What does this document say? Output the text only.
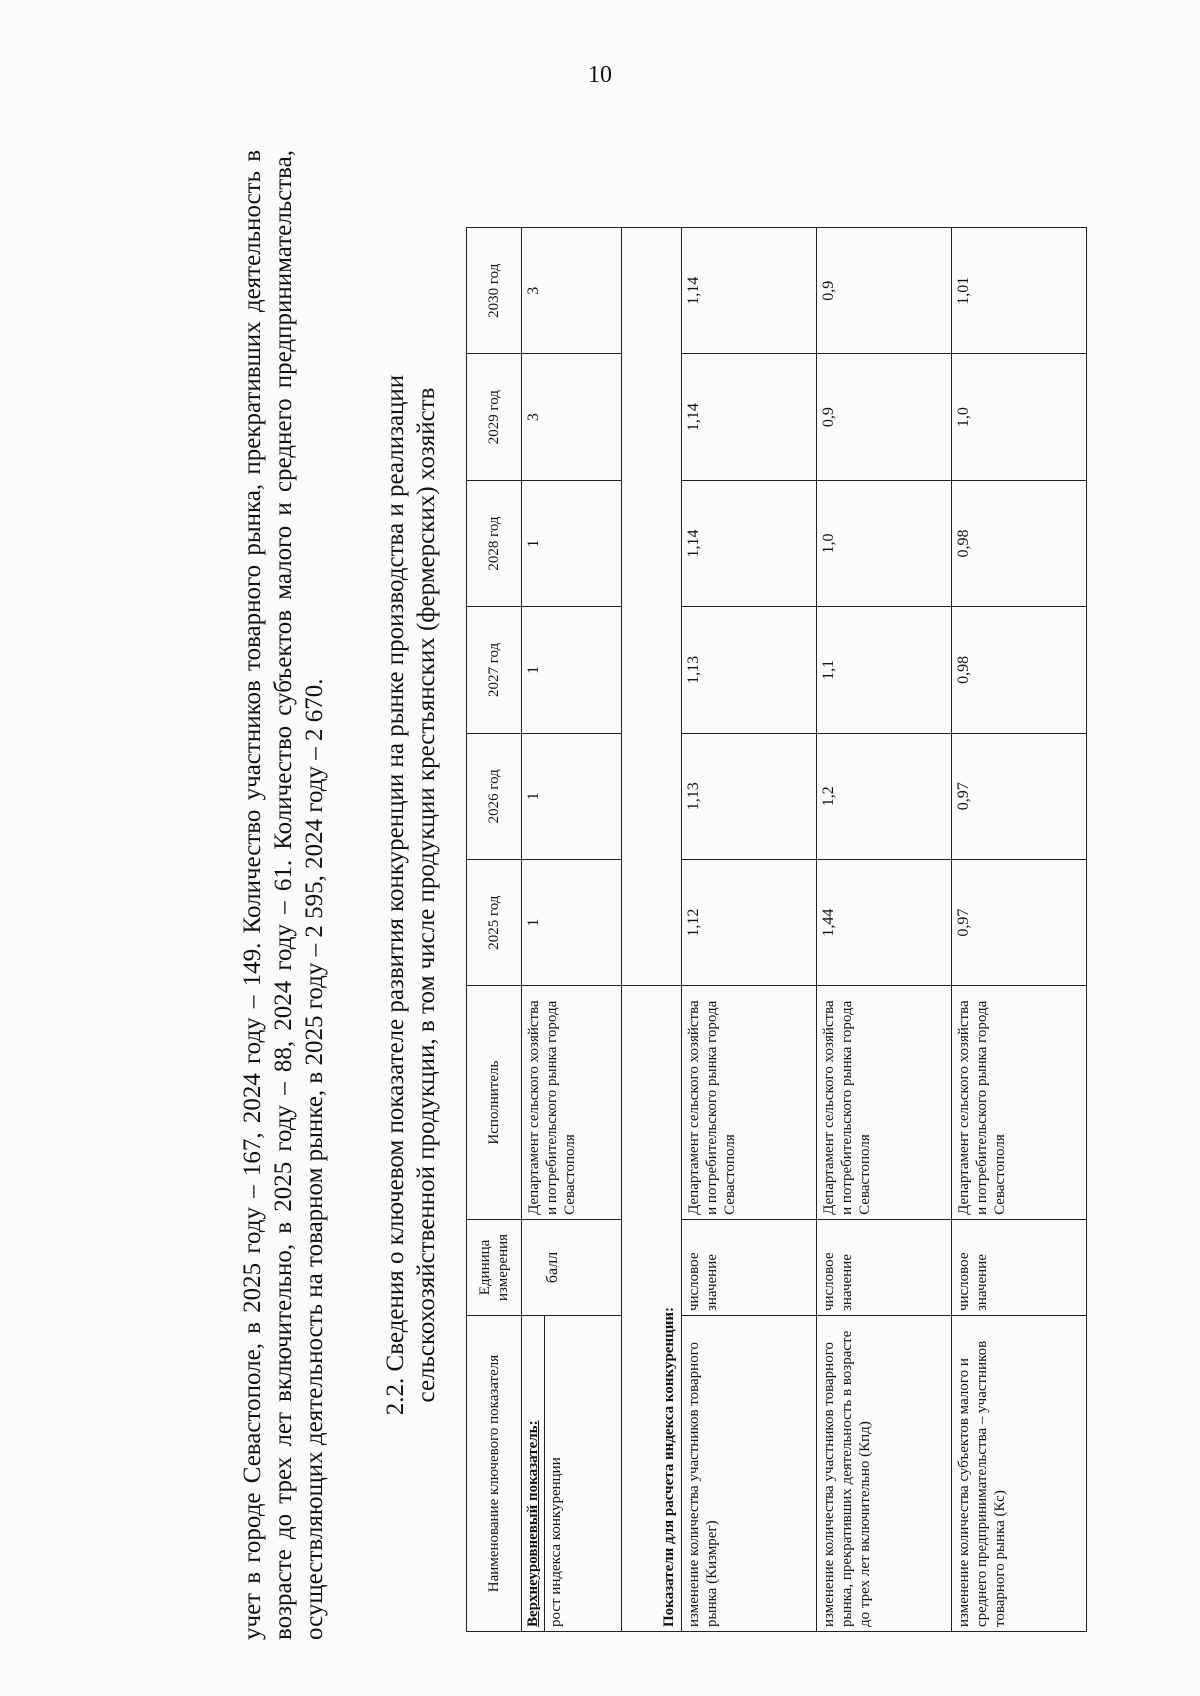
10

учет в городе Севастополе, в 2025 году – 167, 2024 году – 149. Количество участников товарного рынка, прекративших деятельность в возрасте до трех лет включительно, в 2025 году – 88, 2024 году – 61. Количество субъектов малого и среднего предпринимательства, осуществляющих деятельность на товарном рынке, в 2025 году – 2 595, 2024 году – 2 670. 2.2. Сведения о ключевом показателе развития конкуренции на рынке производства и реализации сельскохозяйственной продукции, в том числе продукции крестьянских (фермерских) хозяйств
Наименование ключевого показателя	Единица измерения	Исполнитель	2025 год	2026 год	2027 год	2028 год	2029 год	2030 год

Верхнеуровневый показатель: рост индекса конкуренции	балл	Департамент сельского хозяйства и потребительского рынка города Севастополя	1	1	1	1	3	3
Показатели для расчета индекса конкуренции:								
изменение количества участников товарного рынка (Кизмрег)	числовое значение	Департамент сельского хозяйства и потребительского рынка города Севастополя	1,12	1,13	1,13	1,14	1,14	1,14
изменение количества участников товарного рынка, прекративших деятельность в возрасте до трех лет включительно (Кпд)	числовое значение	Департамент сельского хозяйства и потребительского рынка города Севастополя	1,44	1,2	1,1	1,0	0,9	0,9
изменение количества субъектов малого и среднего предпринимательства – участников товарного рынка (Кс)	числовое значение	Департамент сельского хозяйства и потребительского рынка города Севастополя	0,97	0,97	0,98	0,98	1,0	1,01
